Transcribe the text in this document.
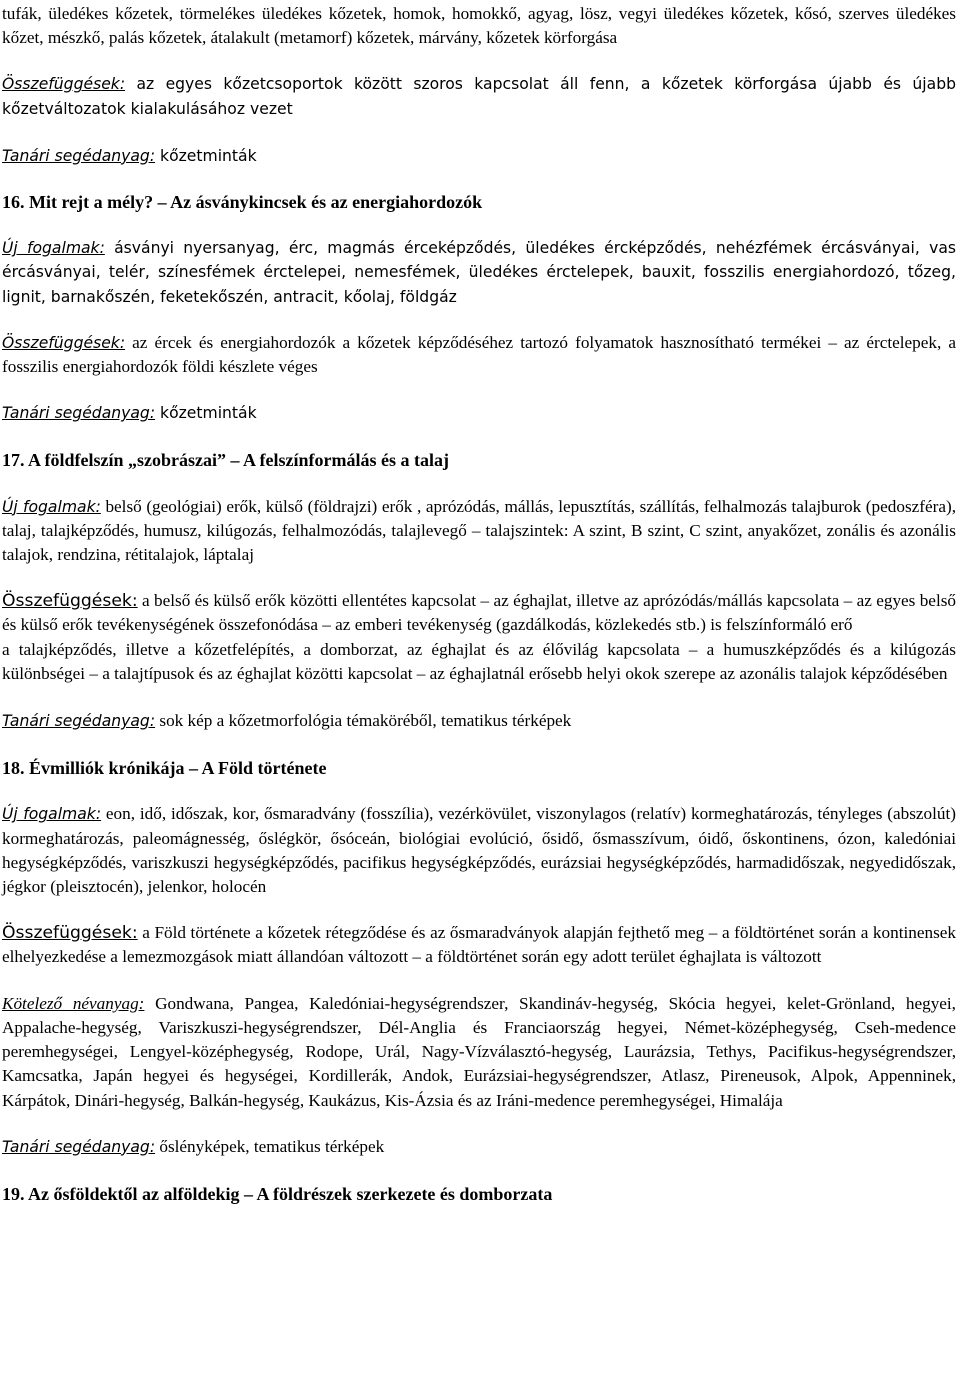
tufák, üledékes kőzetek, törmelékes üledékes kőzetek, homok, homokkő, agyag, lösz, vegyi üledékes kőzetek, kősó, szerves üledékes kőzet, mészkő, palás kőzetek, átalakult (metamorf) kőzetek, márvány, kőzetek körforgása

Összefüggések: az egyes kőzetcsoportok között szoros kapcsolat áll fenn, a kőzetek körforgása újabb és újabb kőzetváltozatok kialakulásához vezet

Tanári segédanyag: kőzetminták

16. Mit rejt a mély? – Az ásványkincsek és az energiahordozók

Új fogalmak: ásványi nyersanyag, érc, magmás érceképződés, üledékes ércképződés, nehézfémek ércásványai, vas ércásványai, telér, színesfémek érctelepei, nemesfémek, üledékes érctelepek, bauxit, fosszilis energiahordozó, tőzeg, lignit, barnakőszén, feketekőszén, antracit, kőolaj, földgáz

Összefüggések: az ércek és energiahordozók a kőzetek képződéséhez tartozó folyamatok hasznosítható termékei – az érctelepek, a fosszilis energiahordozók földi készlete véges

Tanári segédanyag: kőzetminták

17. A földfelszín „szobrászai” – A felszínformálás és a talaj

Új fogalmak: belső (geológiai) erők, külső (földrajzi) erők , aprózódás, mállás, lepusztítás, szállítás, felhalmozás talajburok (pedoszféra), talaj, talajképződés, humusz, kilúgozás, felhalmozódás, talajlevegő – talajszintek: A szint, B szint, C szint, anyakőzet, zonális és azonális talajok, rendzina, rétitalajok, láptalaj

Összefüggések: a belső és külső erők közötti ellentétes kapcsolat – az éghajlat, illetve az aprózódás/mállás kapcsolata – az egyes belső és külső erők tevékenységének összefonódása – az emberi tevékenység (gazdálkodás, közlekedés stb.) is felszínformáló erő

a talajképződés, illetve a kőzetfelépítés, a domborzat, az éghajlat és az élővilág kapcsolata – a humuszképződés és a kilúgozás különbségei – a talajtípusok és az éghajlat közötti kapcsolat – az éghajlatnál erősebb helyi okok szerepe az azonális talajok képződésében

Tanári segédanyag: sok kép a kőzetmorfológia témaköréből, tematikus térképek

18. Évmilliók krónikája – A Föld története

Új fogalmak: eon, idő, időszak, kor, ősmaradvány (fosszília), vezérkövület, viszonylagos (relatív) kormeghatározás, tényleges (abszolút) kormeghatározás, paleomágnesség, őslégkör, ősóceán, biológiai evolúció, ősidő, ősmasszívum, óidő, őskontinens, ózon, kaledóniai hegységképződés, variszkuszi hegységképződés, pacifikus hegységképződés, eurázsiai hegységképződés, harmadidőszak, negyedidőszak, jégkor (pleisztocén), jelenkor, holocén

Összefüggések: a Föld története a kőzetek rétegződése és az ősmaradványok alapján fejthető meg – a földtörténet során a kontinensek elhelyezkedése a lemezmozgások miatt állandóan változott – a földtörténet során egy adott terület éghajlata is változott

Kötelező névanyag: Gondwana, Pangea, Kaledóniai-hegységrendszer, Skandináv-hegység, Skócia hegyei, kelet-Grönland, hegyei, Appalache-hegység, Variszkuszi-hegységrendszer, Dél-Anglia és Franciaország hegyei, Német-középhegység, Cseh-medence peremhegységei, Lengyel-középhegység, Rodope, Urál, Nagy-Vízválasztó-hegység, Laurázsia, Tethys, Pacifikus-hegységrendszer, Kamcsatka, Japán hegyei és hegységei, Kordillerák, Andok, Eurázsiai-hegységrendszer, Atlasz, Pireneusok, Alpok, Appenninek, Kárpátok, Dinári-hegység, Balkán-hegység, Kaukázus, Kis-Ázsia és az Iráni-medence peremhegységei, Himalája

Tanári segédanyag: őslényképek, tematikus térképek

19. Az ősföldektől az alföldekig – A földrészek szerkezete és domborzata
